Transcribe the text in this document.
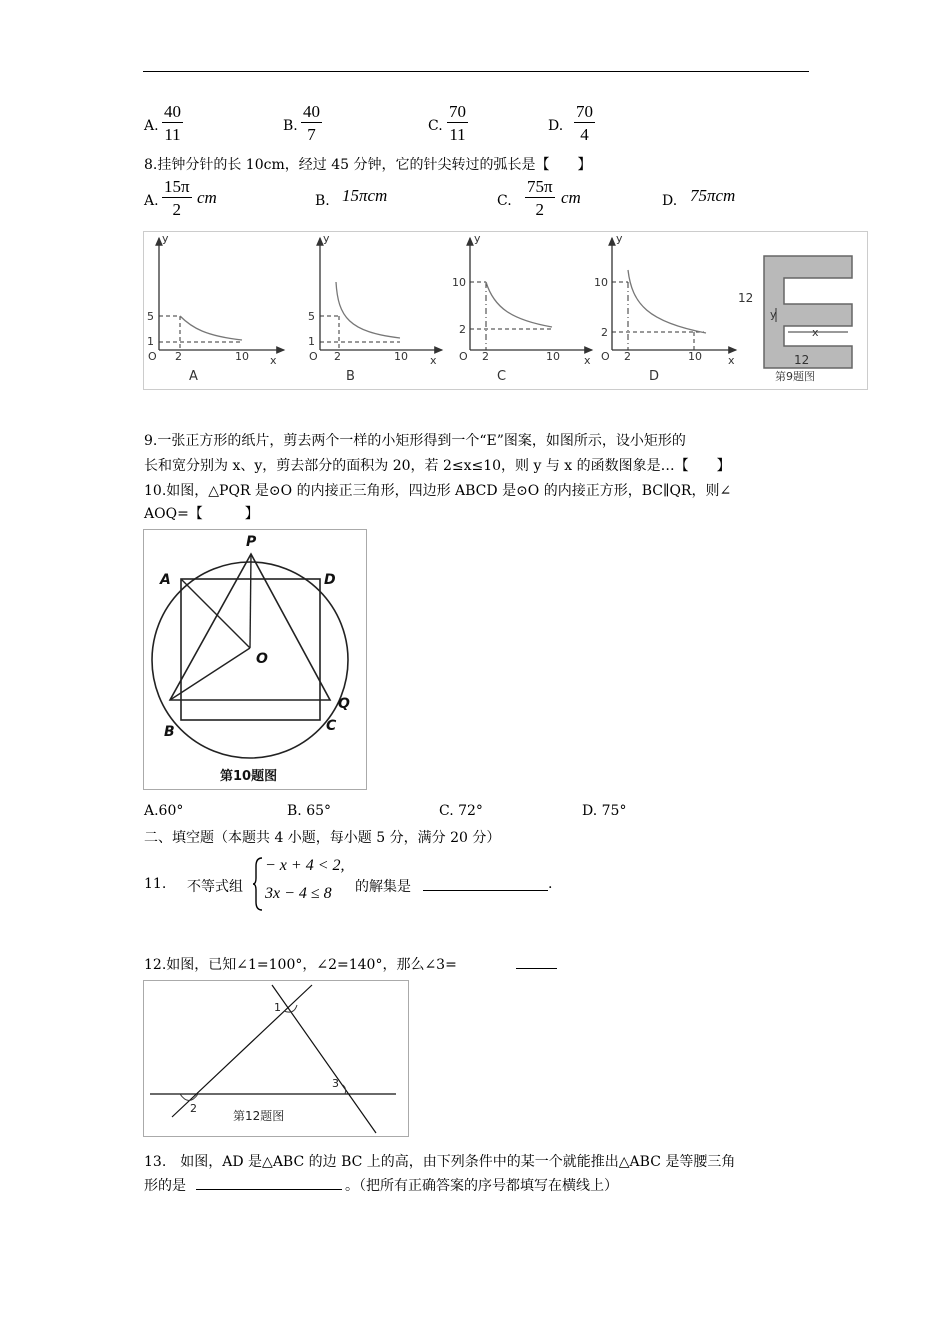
A.
40
11	B.
40
7	C.
70
11	D.
70
4
8.挂钟分针的长 10cm，经过 45 分钟，它的针尖转过的弧长是【　　】
A.
15π
2
cm	B. 15πcm	C.
75π
2
cm	D. 75πcm
y
x
O
5
1
2	10
A
y
x
O
5
1
2	10
B
y
x
O
10
2
2	10
C
y
x
O
10
2
2	10
D
12
y
x
12
第9题图
9.一张正方形的纸片，剪去两个一样的小矩形得到一个“E”图案，如图所示，设小矩形的
长和宽分别为 x、y，剪去部分的面积为 20，若 2≤x≤10，则 y 与 x 的函数图象是…【　　】
10.如图，△PQR 是⊙O 的内接正三角形，四边形 ABCD 是⊙O 的内接正方形，BC∥QR，则∠
AOQ=【　　　】
P
A	D
O
B	C
Q
第10题图
A.60°	B. 65°	C. 72°	D. 75°
二、填空题（本题共 4 小题，每小题 5 分，满分 20 分）
11. 不等式组
− x + 4 < 2,
3x − 4 ≤ 8 的解集是	.
12.如图，已知∠1=100°，∠2=140°，那么∠3=
1
2
3
第12题图
13.　如图，AD 是△ABC 的边 BC 上的高，由下列条件中的某一个就能推出△ABC 是等腰三角
形的是	。（把所有正确答案的序号都填写在横线上）
